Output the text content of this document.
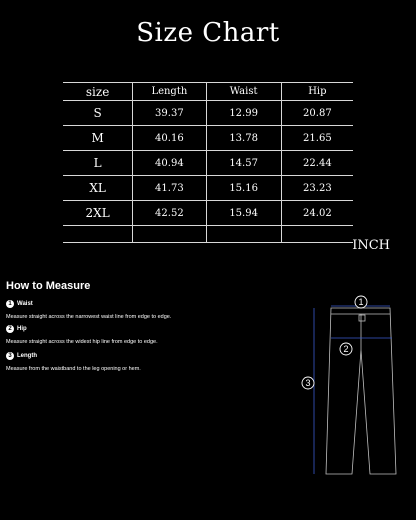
Size Chart
size	Length	Waist	Hip
S	39.37	12.99	20.87
M	40.16	13.78	21.65
L	40.94	14.57	22.44
XL	41.73	15.16	23.23
2XL	42.52	15.94	24.02

INCH
How to Measure
1 Waist
Measure straight across the narrowest waist line from edge to edge.
2 Hip
Measure straight across the widest hip line from edge to edge.
3 Length
Measure from the waistband to the leg opening or hem.
1
2
3
